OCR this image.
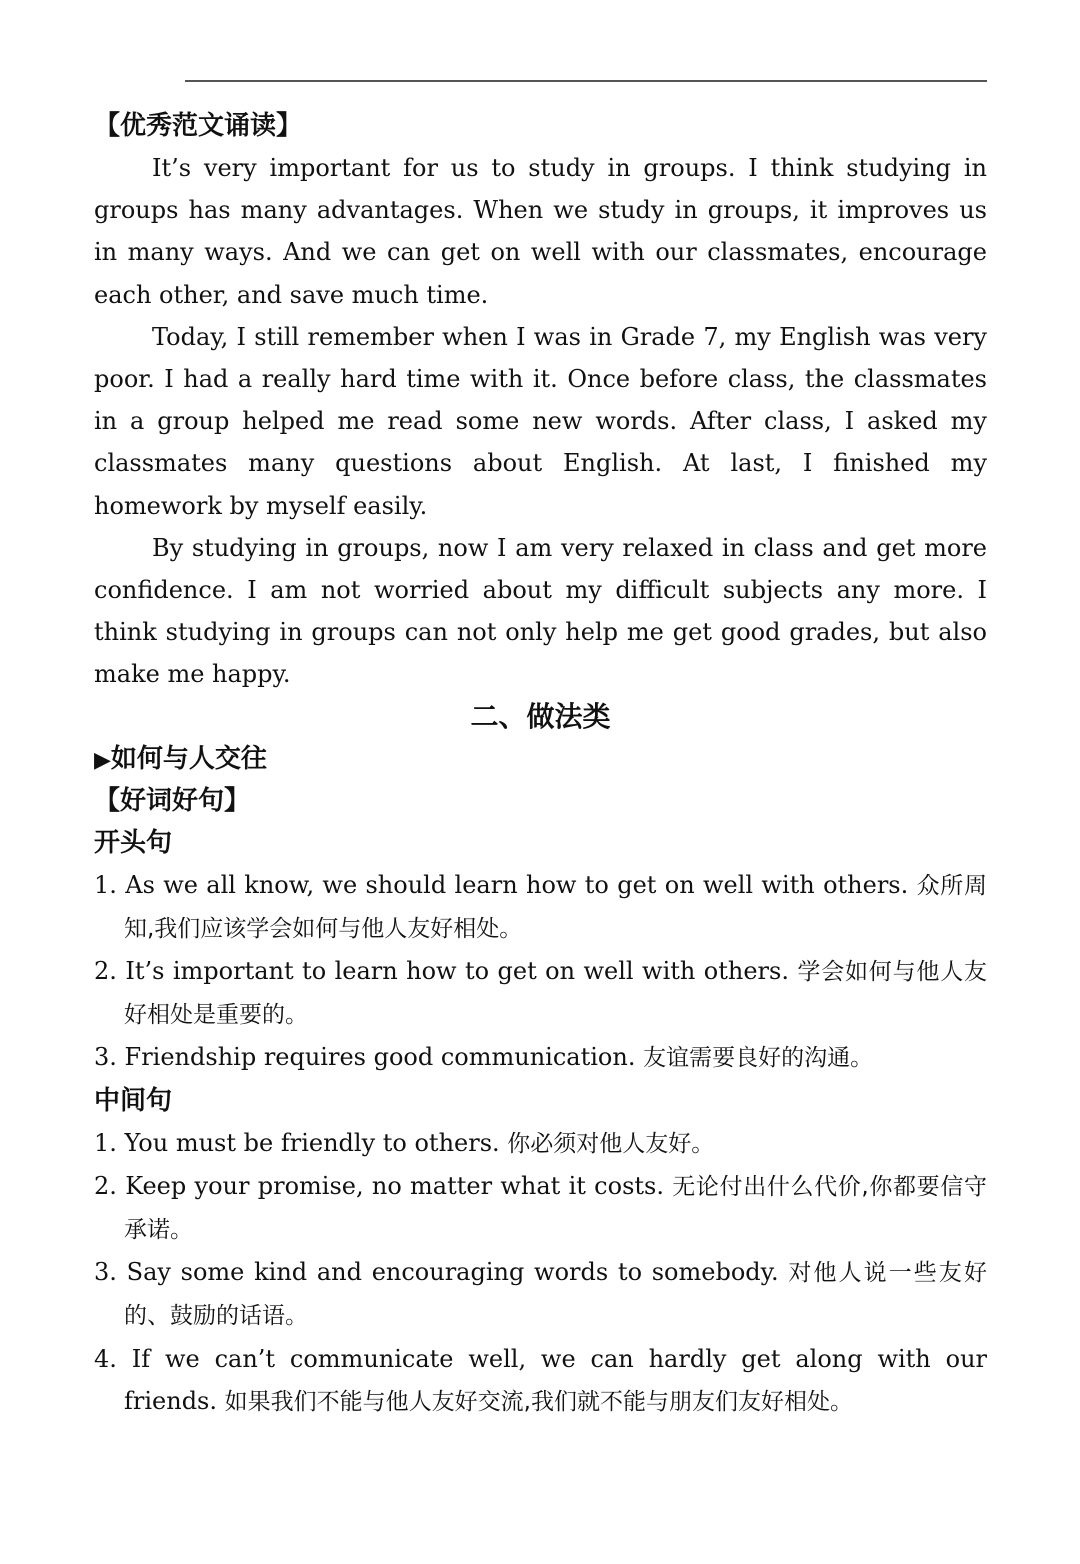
【优秀范文诵读】

It’s very important for us to study in groups. I think studying in groups has many advantages. When we study in groups, it improves us in many ways. And we can get on well with our classmates, encourage each other, and save much time.

Today, I still remember when I was in Grade 7, my English was very poor. I had a really hard time with it. Once before class, the classmates in a group helped me read some new words. After class, I asked my classmates many questions about English. At last, I finished my homework by myself easily.

By studying in groups, now I am very relaxed in class and get more confidence. I am not worried about my difficult subjects any more. I think studying in groups can not only help me get good grades, but also make me happy.

二、做法类
▶如何与人交往
【好词好句】
开头句

1. As we all know, we should learn how to get on well with others. 众所周知,我们应该学会如何与他人友好相处。

2. It’s important to learn how to get on well with others. 学会如何与他人友好相处是重要的。

3. Friendship requires good communication. 友谊需要良好的沟通。

中间句

1. You must be friendly to others. 你必须对他人友好。

2. Keep your promise, no matter what it costs. 无论付出什么代价,你都要信守承诺。

3. Say some kind and encouraging words to somebody. 对他人说一些友好的、鼓励的话语。

4. If we can’t communicate well, we can hardly get along with our friends. 如果我们不能与他人友好交流,我们就不能与朋友们友好相处。
